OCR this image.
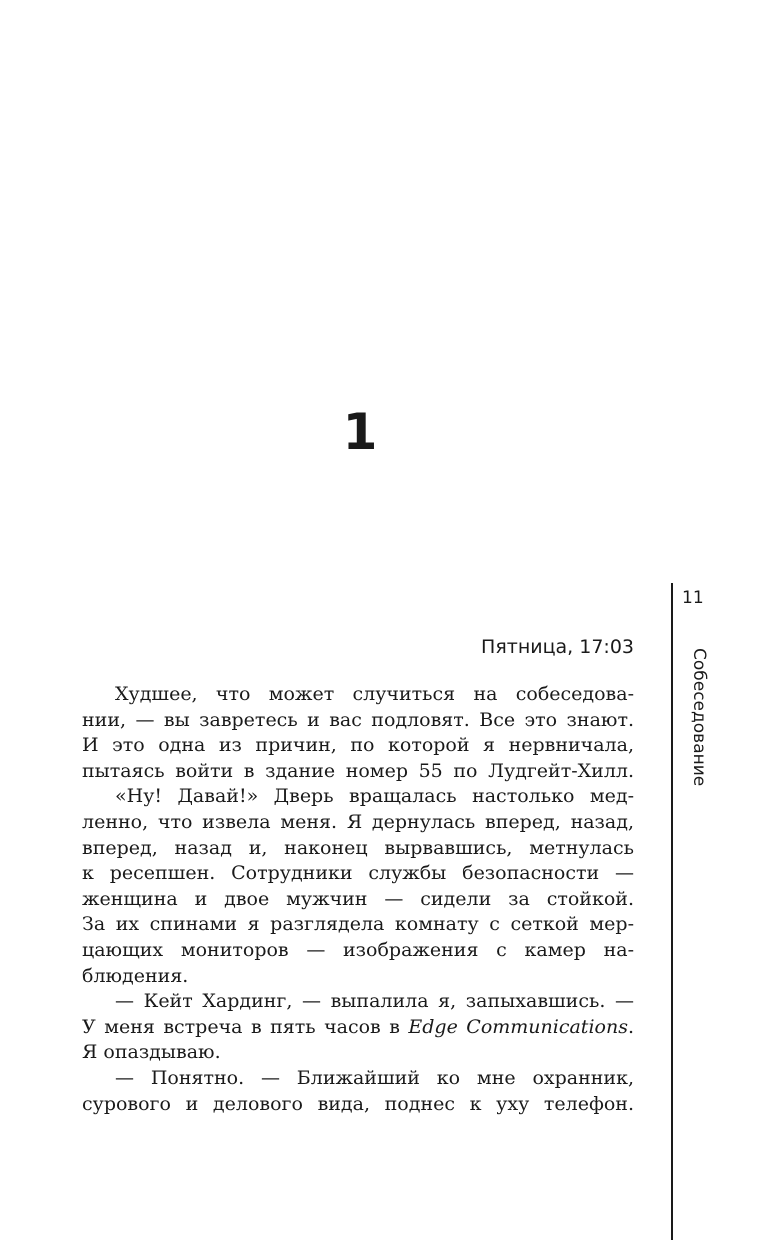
1
11
Собеседование
Пятница, 17:03
Худшее, что может случиться на собеседова-
нии, — вы завретесь и вас подловят. Все это знают.
И это одна из причин, по которой я нервничала,
пытаясь войти в здание номер 55 по Лудгейт-Хилл.
«Ну! Давай!» Дверь вращалась настолько мед-
ленно, что извела меня. Я дернулась вперед, назад,
вперед, назад и, наконец вырвавшись, метнулась
к ресепшен. Сотрудники службы безопасности —
женщина и двое мужчин — сидели за стойкой.
За их спинами я разглядела комнату с сеткой мер-
цающих мониторов — изображения с камер на-
блюдения.
— Кейт Хардинг, — выпалила я, запыхавшись. —
У меня встреча в пять часов в Edge Communications.
Я опаздываю.
— Понятно. — Ближайший ко мне охранник,
сурового и делового вида, поднес к уху телефон.
